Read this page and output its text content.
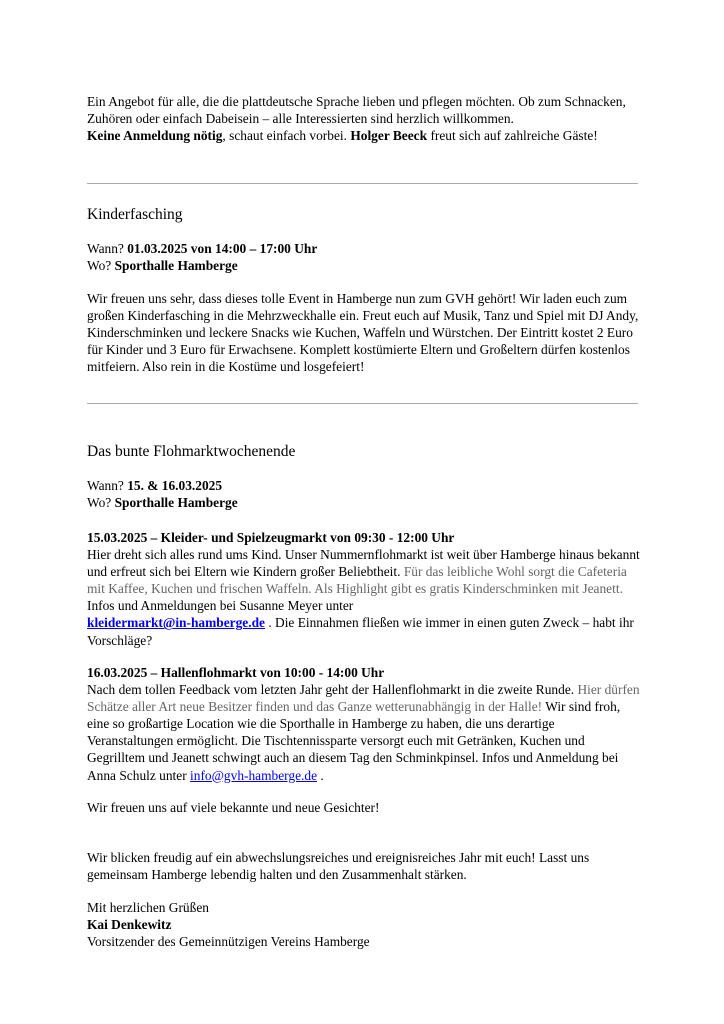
Ein Angebot für alle, die die plattdeutsche Sprache lieben und pflegen möchten. Ob zum Schnacken, Zuhören oder einfach Dabeisein – alle Interessierten sind herzlich willkommen.
Keine Anmeldung nötig, schaut einfach vorbei. Holger Beeck freut sich auf zahlreiche Gäste!

Kinderfasching

Wann? 01.03.2025 von 14:00 – 17:00 Uhr
Wo? Sporthalle Hamberge

Wir freuen uns sehr, dass dieses tolle Event in Hamberge nun zum GVH gehört! Wir laden euch zum großen Kinderfasching in die Mehrzweckhalle ein. Freut euch auf Musik, Tanz und Spiel mit DJ Andy, Kinderschminken und leckere Snacks wie Kuchen, Waffeln und Würstchen. Der Eintritt kostet 2 Euro für Kinder und 3 Euro für Erwachsene. Komplett kostümierte Eltern und Großeltern dürfen kostenlos mitfeiern. Also rein in die Kostüme und losgefeiert!

Das bunte Flohmarktwochenende

Wann? 15. & 16.03.2025
Wo? Sporthalle Hamberge

15.03.2025 – Kleider- und Spielzeugmarkt von 09:30 - 12:00 Uhr
Hier dreht sich alles rund ums Kind. Unser Nummernflohmarkt ist weit über Hamberge hinaus bekannt und erfreut sich bei Eltern wie Kindern großer Beliebtheit. Für das leibliche Wohl sorgt die Cafeteria mit Kaffee, Kuchen und frischen Waffeln. Als Highlight gibt es gratis Kinderschminken mit Jeanett. Infos und Anmeldungen bei Susanne Meyer unter
kleidermarkt@in-hamberge.de . Die Einnahmen fließen wie immer in einen guten Zweck – habt ihr Vorschläge?

16.03.2025 – Hallenflohmarkt von 10:00 - 14:00 Uhr
Nach dem tollen Feedback vom letzten Jahr geht der Hallenflohmarkt in die zweite Runde. Hier dürfen Schätze aller Art neue Besitzer finden und das Ganze wetterunabhängig in der Halle! Wir sind froh, eine so großartige Location wie die Sporthalle in Hamberge zu haben, die uns derartige Veranstaltungen ermöglicht. Die Tischtennissparte versorgt euch mit Getränken, Kuchen und Gegrilltem und Jeanett schwingt auch an diesem Tag den Schminkpinsel. Infos und Anmeldung bei Anna Schulz unter info@gvh-hamberge.de .

Wir freuen uns auf viele bekannte und neue Gesichter!

Wir blicken freudig auf ein abwechslungsreiches und ereignisreiches Jahr mit euch! Lasst uns gemeinsam Hamberge lebendig halten und den Zusammenhalt stärken.

Mit herzlichen Grüßen
Kai Denkewitz
Vorsitzender des Gemeinnützigen Vereins Hamberge
